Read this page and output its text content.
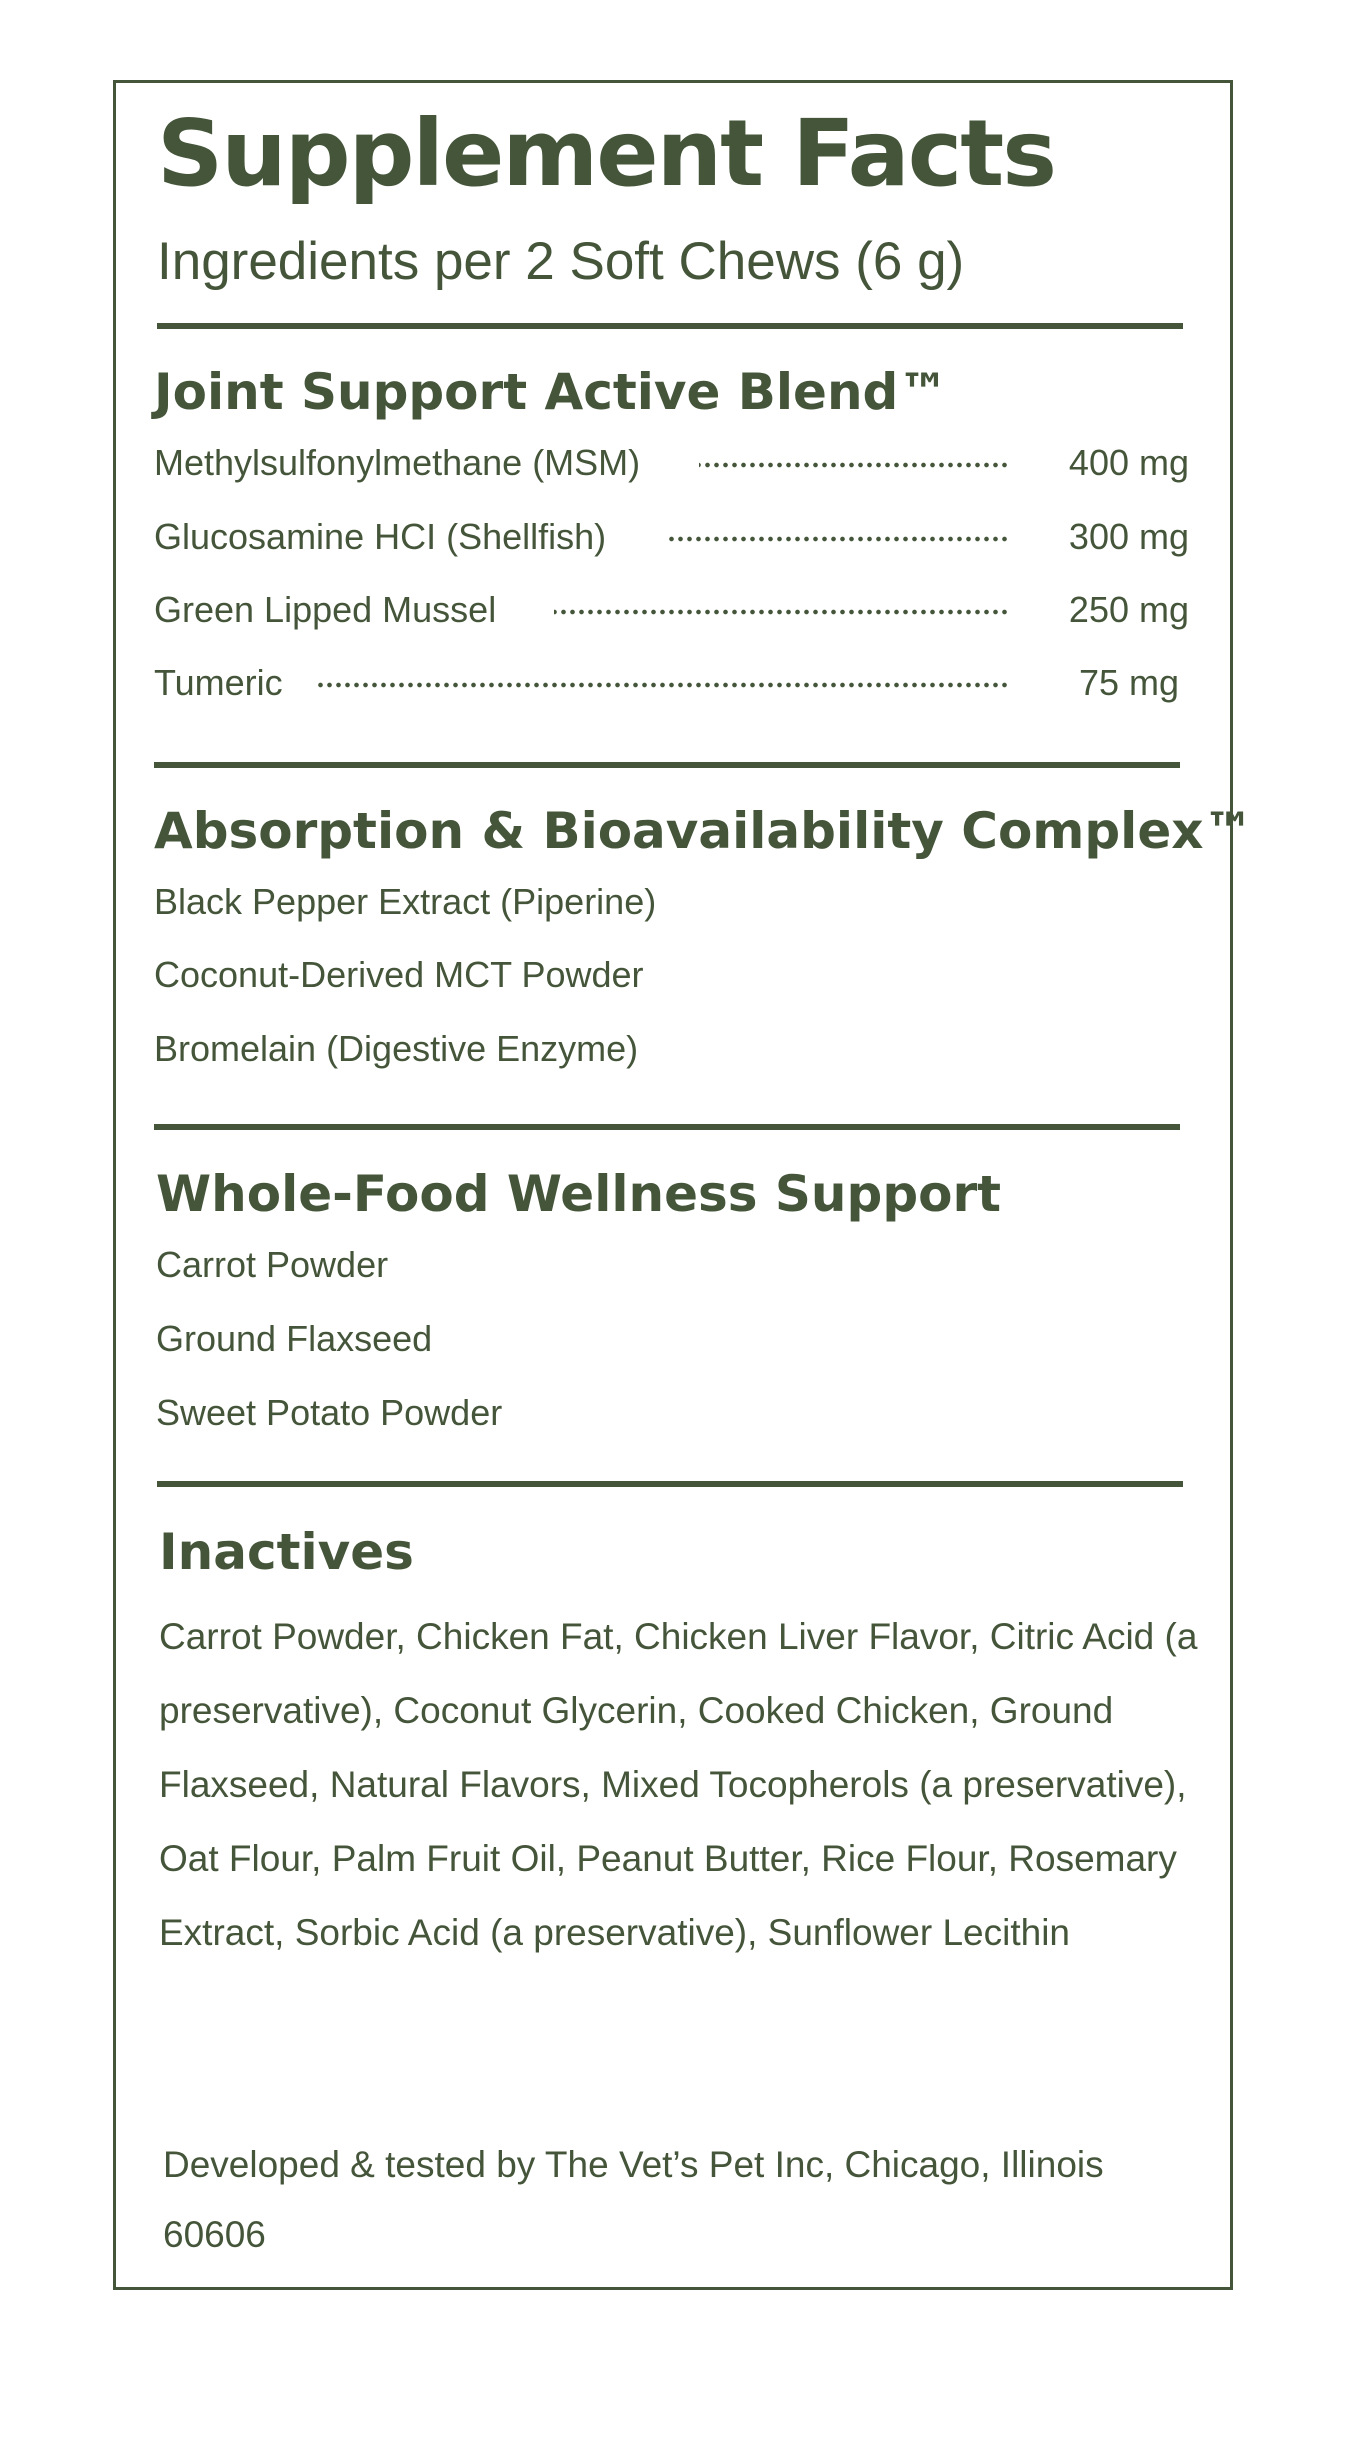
Supplement Facts

Ingredients per 2 Soft Chews (6 g)

Joint Support Active Blend™
Methylsulfonylmethane (MSM)	400 mg
Glucosamine HCI (Shellfish)	300 mg
Green Lipped Mussel	250 mg
Tumeric	75 mg
Absorption & Bioavailability Complex™

Black Pepper Extract (Piperine)

Coconut-Derived MCT Powder

Bromelain (Digestive Enzyme)

Whole-Food Wellness Support

Carrot Powder

Ground Flaxseed

Sweet Potato Powder

Inactives

Carrot Powder, Chicken Fat, Chicken Liver Flavor, Citric Acid (a preservative), Coconut Glycerin, Cooked Chicken, Ground Flaxseed, Natural Flavors, Mixed Tocopherols (a preservative), Oat Flour, Palm Fruit Oil, Peanut Butter, Rice Flour, Rosemary Extract, Sorbic Acid (a preservative), Sunflower Lecithin

Developed & tested by The Vet’s Pet Inc, Chicago, Illinois 60606
